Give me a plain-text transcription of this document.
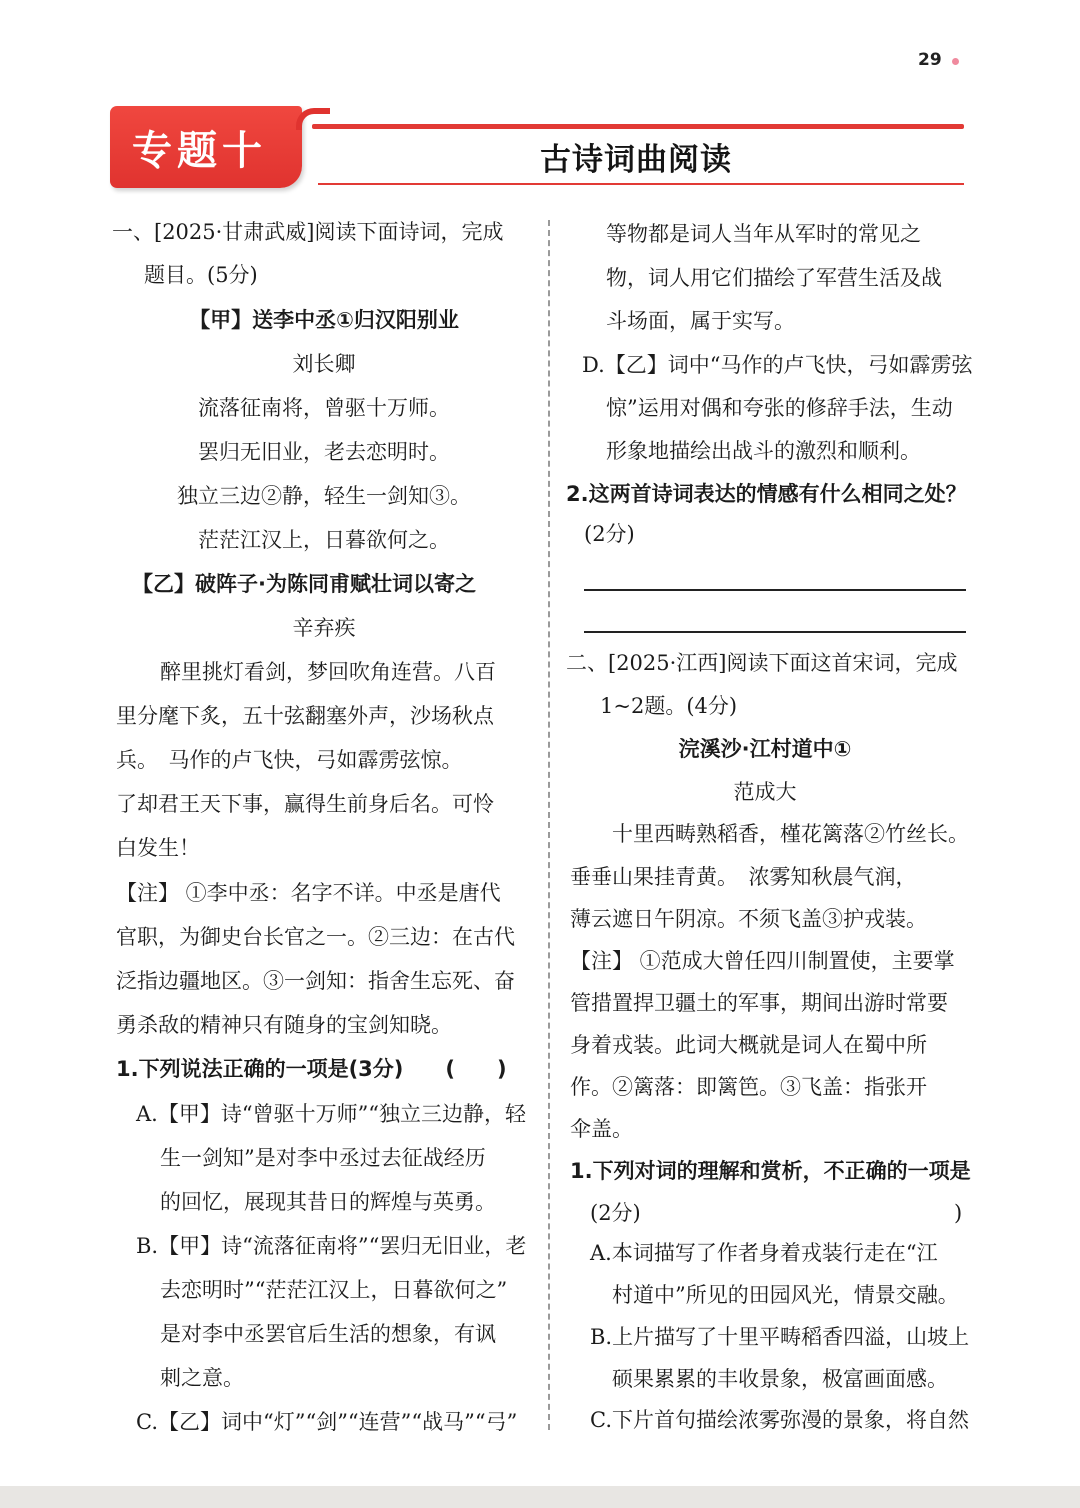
29
专题十	古诗词曲阅读
一、[2025·甘肃武威]阅读下面诗词，完成
题目。(5分)
【甲】送李中丞①归汉阳别业
刘长卿
流落征南将，曾驱十万师。
罢归无旧业，老去恋明时。
独立三边②静，轻生一剑知③。
茫茫江汉上，日暮欲何之。
【乙】破阵子·为陈同甫赋壮词以寄之
辛弃疾
醉里挑灯看剑，梦回吹角连营。八百
里分麾下炙，五十弦翻塞外声，沙场秋点
兵。　马作的卢飞快，弓如霹雳弦惊。
了却君王天下事，赢得生前身后名。可怜
白发生！
【注】 ①李中丞：名字不详。中丞是唐代
官职，为御史台长官之一。②三边：在古代
泛指边疆地区。③一剑知：指舍生忘死、奋
勇杀敌的精神只有随身的宝剑知晓。
1.下列说法正确的一项是(3分)　　(　　)
A.【甲】诗“曾驱十万师”“独立三边静，轻
生一剑知”是对李中丞过去征战经历
的回忆，展现其昔日的辉煌与英勇。
B.【甲】诗“流落征南将”“罢归无旧业，老
去恋明时”“茫茫江汉上，日暮欲何之”
是对李中丞罢官后生活的想象，有讽
刺之意。
C.【乙】词中“灯”“剑”“连营”“战马”“弓”
等物都是词人当年从军时的常见之
物，词人用它们描绘了军营生活及战
斗场面，属于实写。
D.【乙】词中“马作的卢飞快，弓如霹雳弦
惊”运用对偶和夸张的修辞手法，生动
形象地描绘出战斗的激烈和顺利。
2.这两首诗词表达的情感有什么相同之处？
(2分)
二、[2025·江西]阅读下面这首宋词，完成
1~2题。(4分)
浣溪沙·江村道中①
范成大
十里西畴熟稻香，槿花篱落②竹丝长。
垂垂山果挂青黄。　浓雾知秋晨气润，
薄云遮日午阴凉。不须飞盖③护戎装。
【注】 ①范成大曾任四川制置使，主要掌
管措置捍卫疆土的军事，期间出游时常要
身着戎装。此词大概就是词人在蜀中所
作。②篱落：即篱笆。③飞盖：指张开
伞盖。
1.下列对词的理解和赏析，不正确的一项是
(2分)	)
A.本词描写了作者身着戎装行走在“江
村道中”所见的田园风光，情景交融。
B.上片描写了十里平畴稻香四溢，山坡上
硕果累累的丰收景象，极富画面感。
C.下片首句描绘浓雾弥漫的景象，将自然
